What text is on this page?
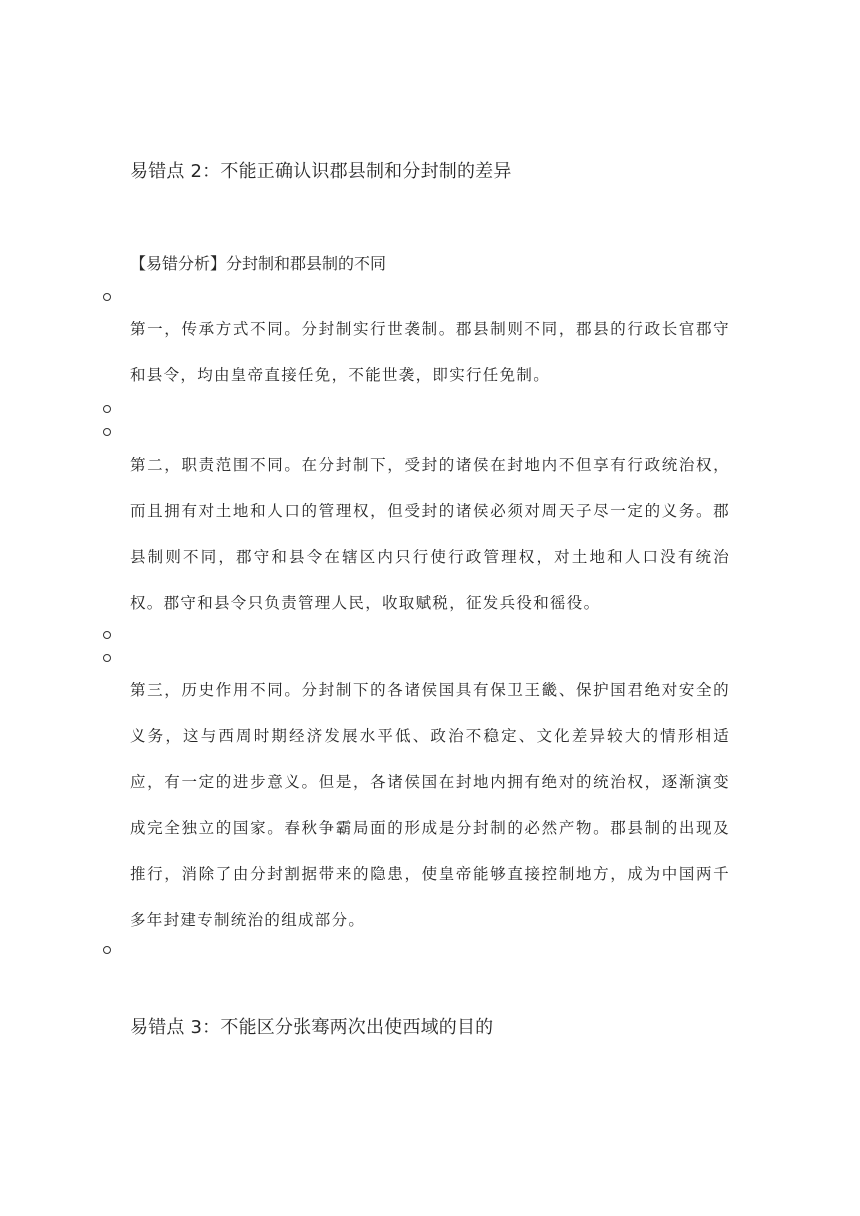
易错点 2：不能正确认识郡县制和分封制的差异
【易错分析】分封制和郡县制的不同
第一，传承方式不同。分封制实行世袭制。郡县制则不同，郡县的行政长官郡守和县令，均由皇帝直接任免，不能世袭，即实行任免制。
第二，职责范围不同。在分封制下，受封的诸侯在封地内不但享有行政统治权，而且拥有对土地和人口的管理权，但受封的诸侯必须对周天子尽一定的义务。郡县制则不同，郡守和县令在辖区内只行使行政管理权，对土地和人口没有统治权。郡守和县令只负责管理人民，收取赋税，征发兵役和徭役。
第三，历史作用不同。分封制下的各诸侯国具有保卫王畿、保护国君绝对安全的义务，这与西周时期经济发展水平低、政治不稳定、文化差异较大的情形相适应，有一定的进步意义。但是，各诸侯国在封地内拥有绝对的统治权，逐渐演变成完全独立的国家。春秋争霸局面的形成是分封制的必然产物。郡县制的出现及推行，消除了由分封割据带来的隐患，使皇帝能够直接控制地方，成为中国两千多年封建专制统治的组成部分。
易错点 3：不能区分张骞两次出使西域的目的
